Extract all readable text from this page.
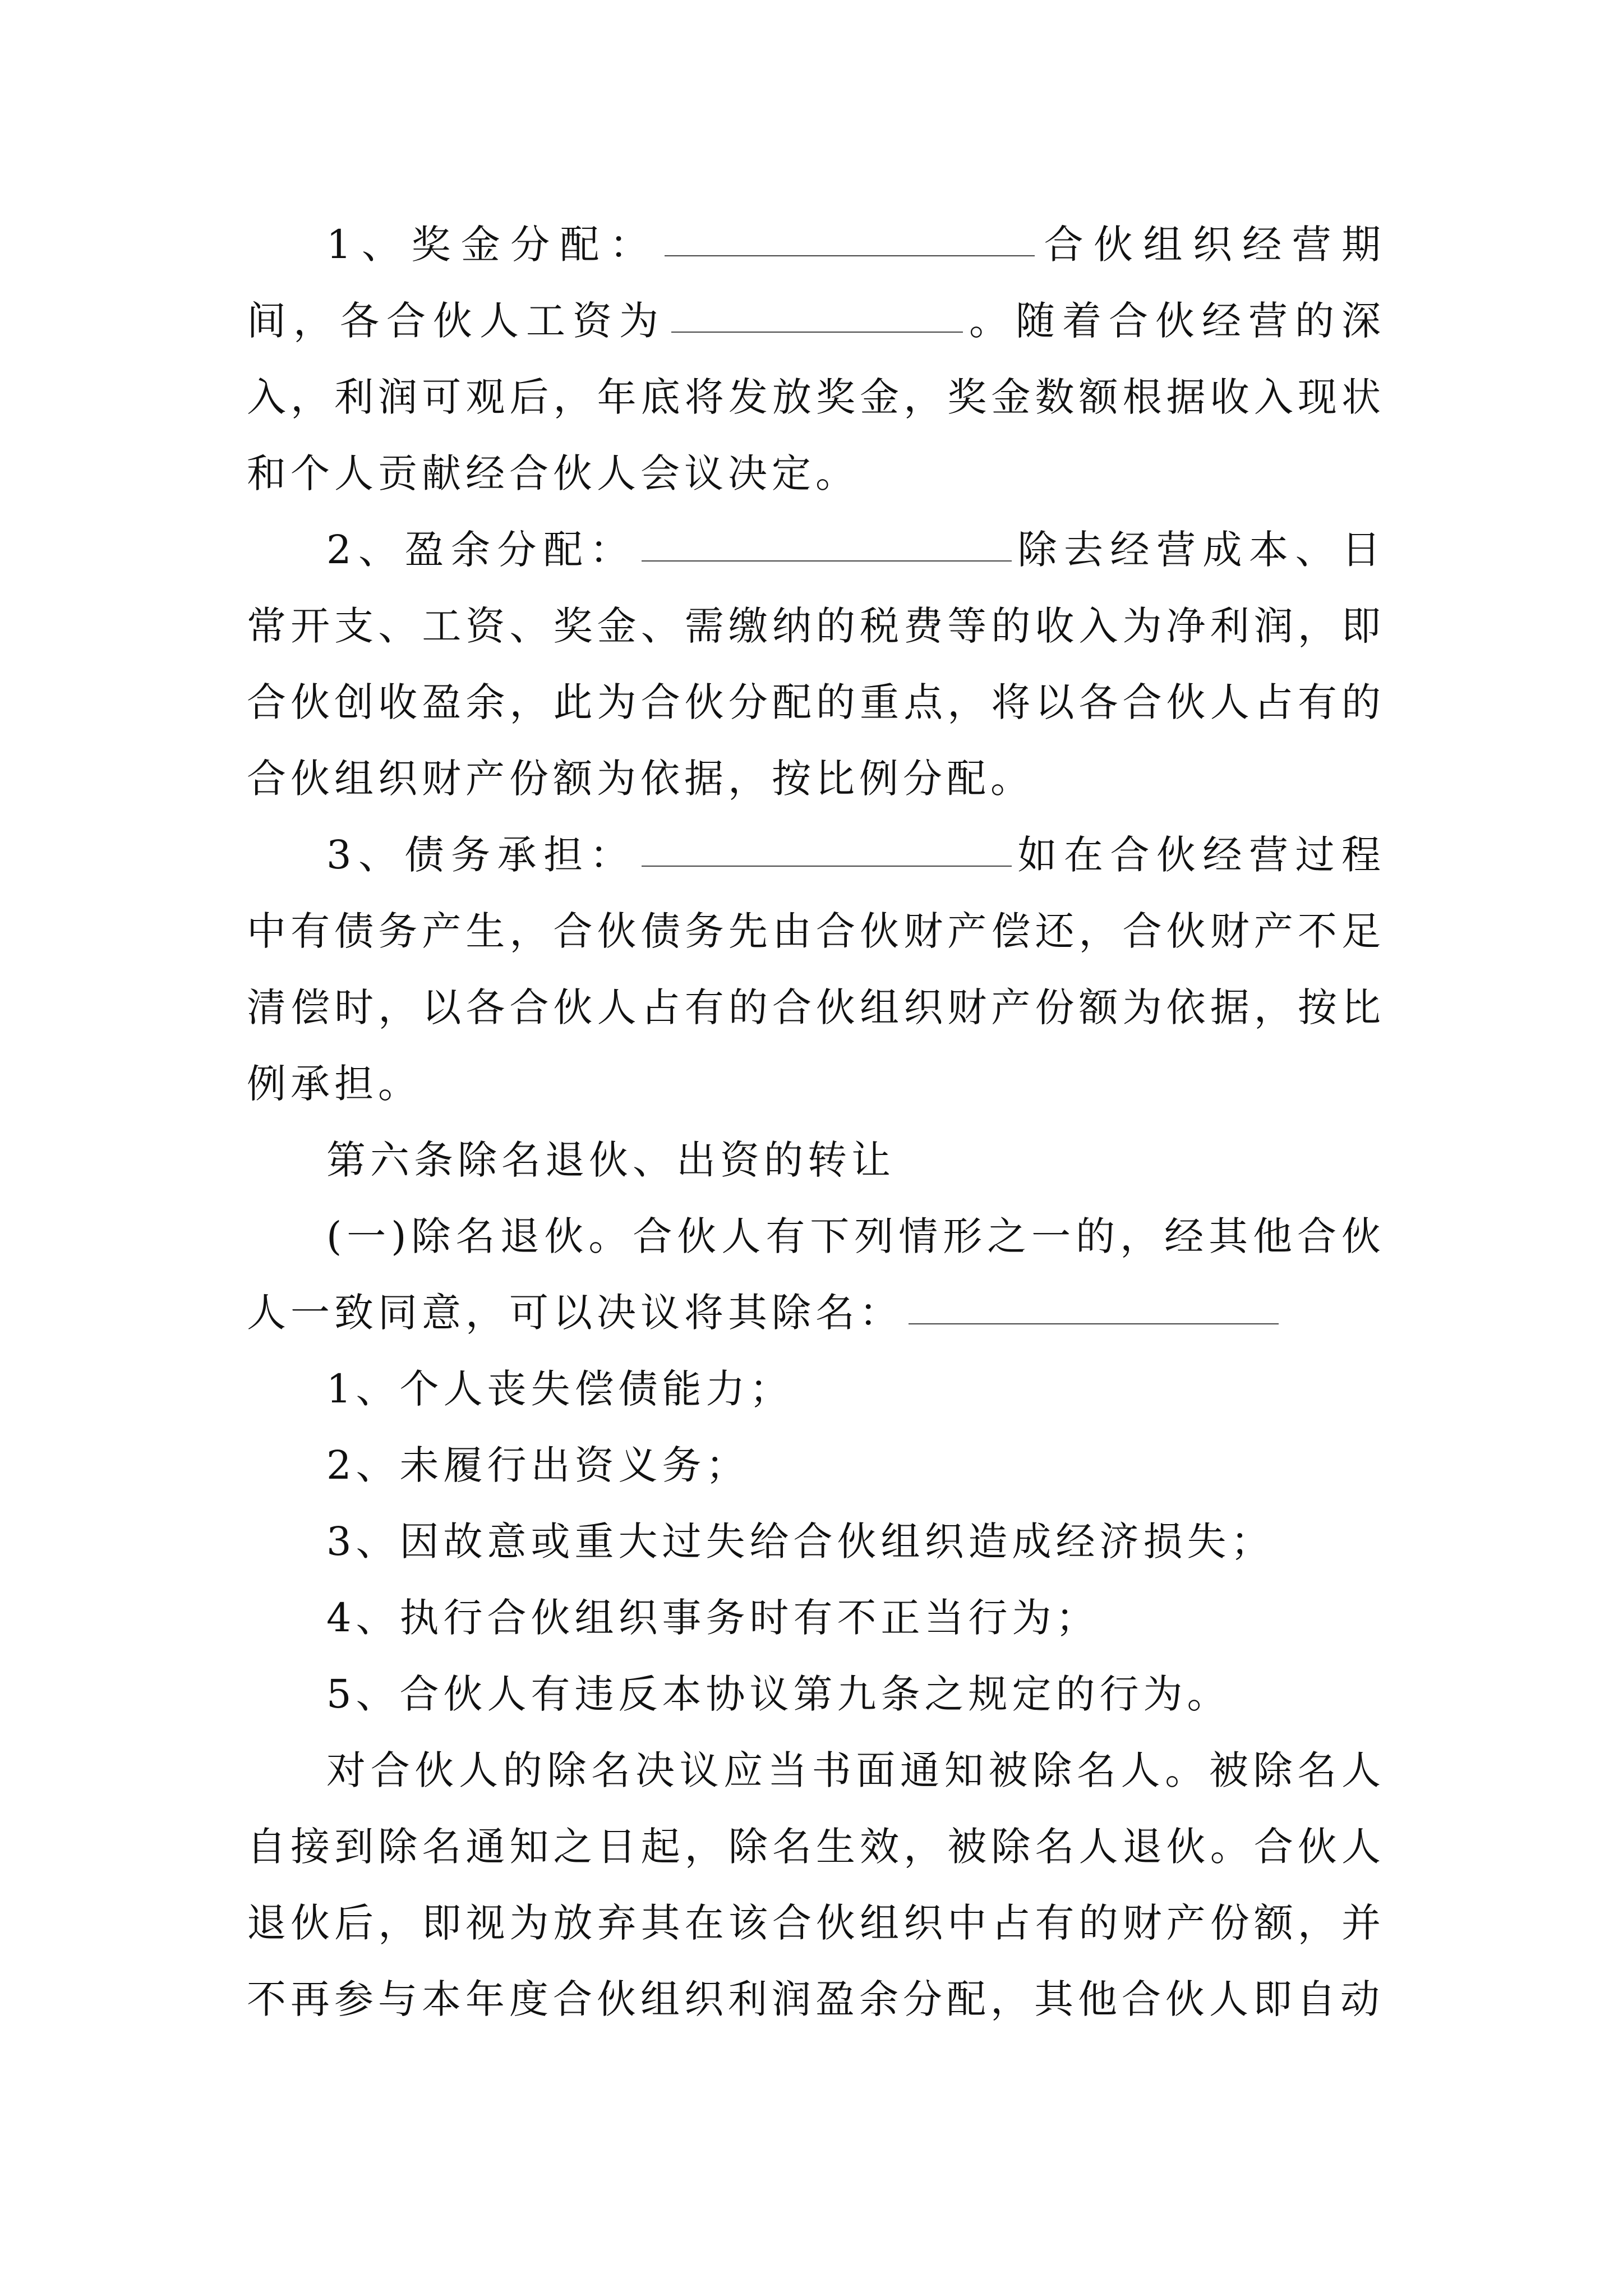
1、奖金分配：	合伙组织经营期间，各合伙人工资为	。随着合伙经营的深入，利润可观后，年底将发放奖金，奖金数额根据收入现状和个人贡献经合伙人会议决定。

2、盈余分配：	除去经营成本、日常开支、工资、奖金、需缴纳的税费等的收入为净利润，即合伙创收盈余，此为合伙分配的重点，将以各合伙人占有的合伙组织财产份额为依据，按比例分配。

3、债务承担：	如在合伙经营过程中有债务产生，合伙债务先由合伙财产偿还，合伙财产不足清偿时，以各合伙人占有的合伙组织财产份额为依据，按比例承担。

第六条除名退伙、出资的转让

(一)除名退伙。合伙人有下列情形之一的，经其他合伙人一致同意，可以决议将其除名：

1、个人丧失偿债能力；

2、未履行出资义务；

3、因故意或重大过失给合伙组织造成经济损失；

4、执行合伙组织事务时有不正当行为；

5、合伙人有违反本协议第九条之规定的行为。

对合伙人的除名决议应当书面通知被除名人。被除名人自接到除名通知之日起，除名生效，被除名人退伙。合伙人退伙后，即视为放弃其在该合伙组织中占有的财产份额，并不再参与本年度合伙组织利润盈余分配，其他合伙人即自动
